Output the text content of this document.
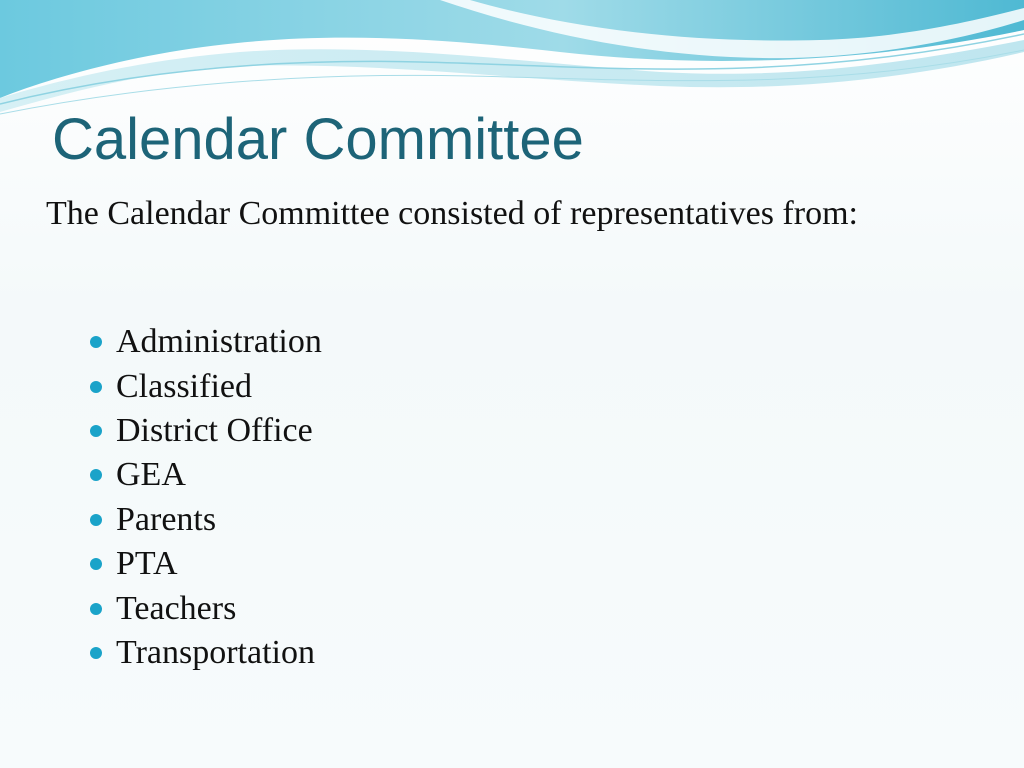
Calendar Committee

The Calendar Committee consisted of representatives from:

Administration
Classified
District Office
GEA
Parents
PTA
Teachers
Transportation
